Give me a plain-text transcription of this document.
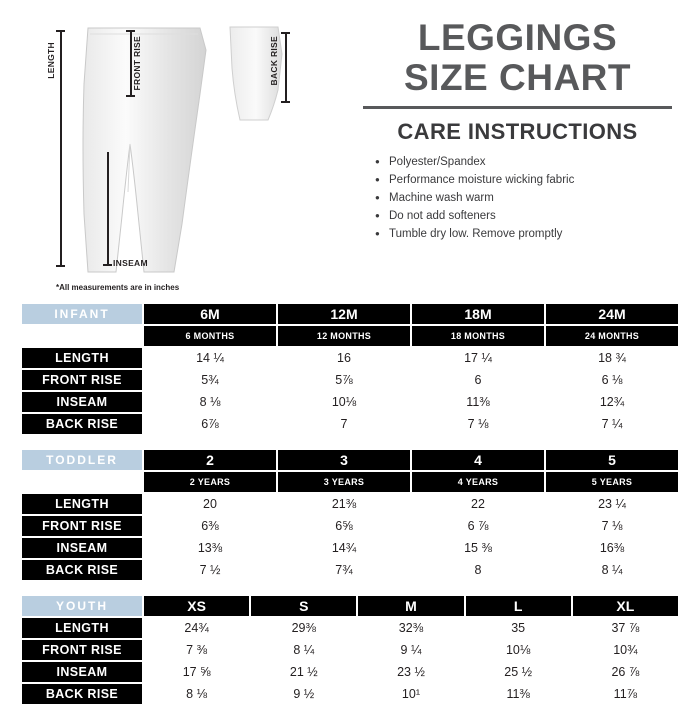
LENGTH	FRONT RISE
INSEAM
BACK RISE
*All measurements are in inches
LEGGINGS
SIZE CHART
CARE INSTRUCTIONS
● Polyester/Spandex
● Performance moisture wicking fabric
● Machine wash warm
● Do not add softeners
● Tumble dry low. Remove promptly
INFANT	6M	12M	18M	24M
	6 MONTHS	12 MONTHS	18 MONTHS	24 MONTHS
LENGTH	14 ¼	16	17 ¼	18 ¾
FRONT RISE	5¾	5⅞	6	6 ⅛
INSEAM	8 ⅛	10⅛	11⅜	12¾
BACK RISE	6⅞	7	7 ⅛	7 ¼
TODDLER	2	3	4	5
	2 YEARS	3 YEARS	4 YEARS	5 YEARS
LENGTH	20	21⅜	22	23 ¼
FRONT RISE	6⅜	6⅝	6 ⅞	7 ⅛
INSEAM	13⅜	14¾	15 ⅜	16⅜
BACK RISE	7 ½	7¾	8	8 ¼
YOUTH	XS	S	M	L	XL
LENGTH	24¾	29⅜	32⅜	35	37 ⅞
FRONT RISE	7 ⅜	8 ¼	9 ¼	10⅛	10¾
INSEAM	17 ⅝	21 ½	23 ½	25 ½	26 ⅞
BACK RISE	8 ⅛	9 ½	10¹	11⅜	11⅞
